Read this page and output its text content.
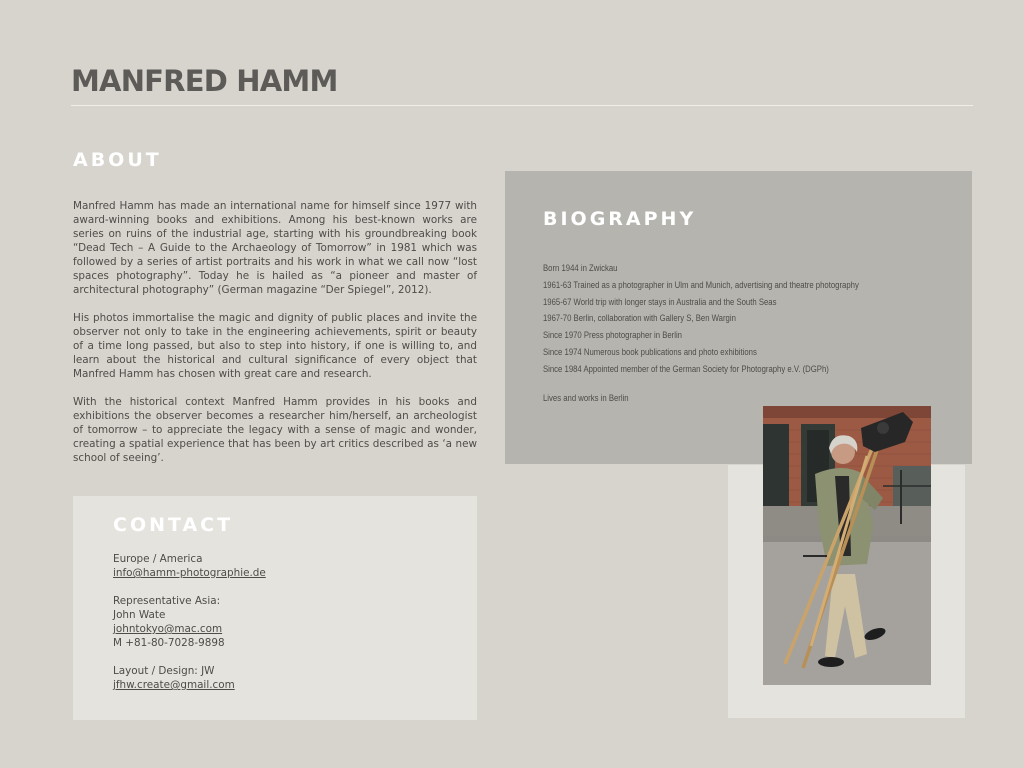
MANFRED HAMM
ABOUT

Manfred Hamm has made an international name for himself since 1977 with award-winning books and exhibitions. Among his best-known works are series on ruins of the industrial age, starting with his groundbreaking book “Dead Tech – A Guide to the Archaeology of Tomorrow” in 1981 which was followed by a series of artist portraits and his work in what we call now “lost spaces photography”. Today he is hailed as “a pioneer and master of architectural photography” (German magazine “Der Spiegel”, 2012).

His photos immortalise the magic and dignity of public places and invite the observer not only to take in the engineering achievements, spirit or beauty of a time long passed, but also to step into history, if one is willing to, and learn about the historical and cultural significance of every object that Manfred Hamm has chosen with great care and research.

With the historical context Manfred Hamm provides in his books and exhibitions the observer becomes a researcher him/herself, an archeologist of tomorrow – to appreciate the legacy with a sense of magic and wonder, creating a spatial experience that has been by art critics described as ‘a new school of seeing’.

BIOGRAPHY
Born 1944 in Zwickau
1961-63 Trained as a photographer in Ulm and Munich, advertising and theatre photography
1965-67 World trip with longer stays in Australia and the South Seas
1967-70 Berlin, collaboration with Gallery S, Ben Wargin
Since 1970 Press photographer in Berlin
Since 1974 Numerous book publications and photo exhibitions
Since 1984 Appointed member of the German Society for Photography e.V. (DGPh)

Lives and works in Berlin

CONTACT
Europe / America
info@hamm-photographie.de
Representative Asia:
John Wate
johntokyo@mac.com
M +81-80-7028-9898
Layout / Design: JW
jfhw.create@gmail.com
